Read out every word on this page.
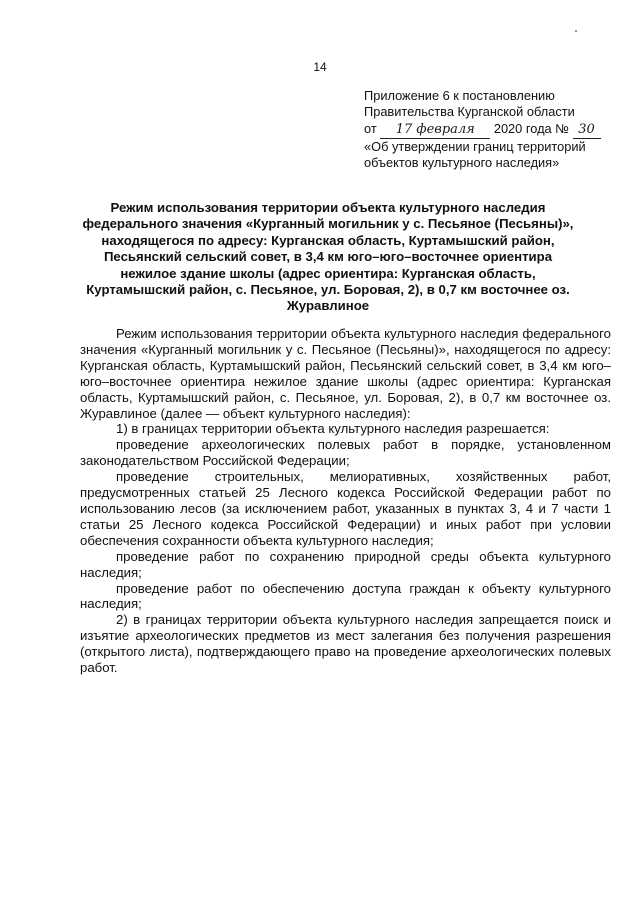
14
Приложение 6 к постановлению
Правительства Курганской области
от 17 февраля 2020 года № 30
«Об утверждении границ территорий
объектов культурного наследия»
Режим использования территории объекта культурного наследия федерального значения «Курганный могильник у с. Песьяное (Песьяны)», находящегося по адресу: Курганская область, Куртамышский район, Песьянский сельский совет, в 3,4 км юго–юго–восточнее ориентира нежилое здание школы (адрес ориентира: Курганская область, Куртамышский район, с. Песьяное, ул. Боровая, 2), в 0,7 км восточнее оз. Журавлиное

Режим использования территории объекта культурного наследия федерального значения «Курганный могильник у с. Песьяное (Песьяны)», находящегося по адресу: Курганская область, Куртамышский район, Песьянский сельский совет, в 3,4 км юго–юго–восточнее ориентира нежилое здание школы (адрес ориентира: Курганская область, Куртамышский район, с. Песьяное, ул. Боровая, 2), в 0,7 км восточнее оз. Журавлиное (далее — объект культурного наследия):

1) в границах территории объекта культурного наследия разрешается:

проведение археологических полевых работ в порядке, установленном законодательством Российской Федерации;

проведение строительных, мелиоративных, хозяйственных работ, предусмотренных статьей 25 Лесного кодекса Российской Федерации работ по использованию лесов (за исключением работ, указанных в пунктах 3, 4 и 7 части 1 статьи 25 Лесного кодекса Российской Федерации) и иных работ при условии обеспечения сохранности объекта культурного наследия;

проведение работ по сохранению природной среды объекта культурного наследия;

проведение работ по обеспечению доступа граждан к объекту культурного наследия;

2) в границах территории объекта культурного наследия запрещается поиск и изъятие археологических предметов из мест залегания без получения разрешения (открытого листа), подтверждающего право на проведение археологических полевых работ.
